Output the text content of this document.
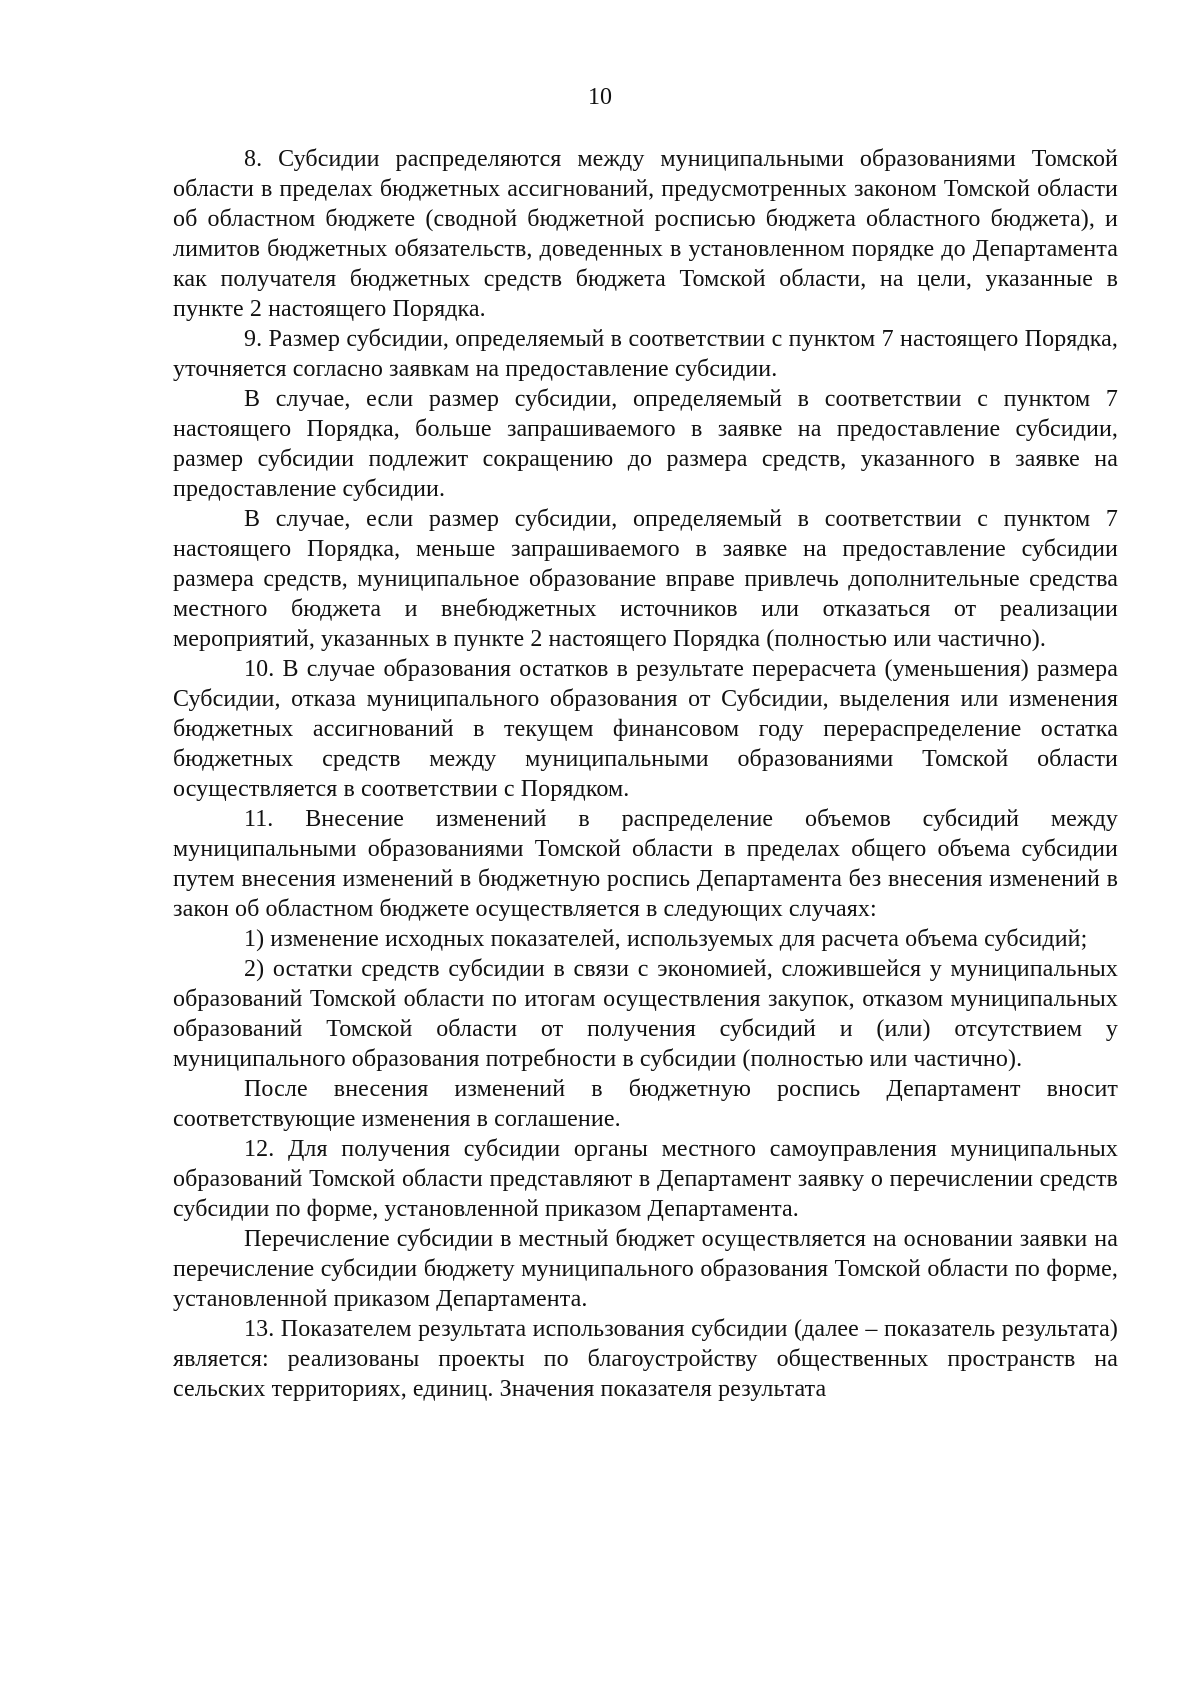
10

8. Субсидии распределяются между муниципальными образованиями Томской области в пределах бюджетных ассигнований, предусмотренных законом Томской области об областном бюджете (сводной бюджетной росписью бюджета областного бюджета), и лимитов бюджетных обязательств, доведенных в установленном порядке до Департамента как получателя бюджетных средств бюджета Томской области, на цели, указанные в пункте 2 настоящего Порядка.

9. Размер субсидии, определяемый в соответствии с пунктом 7 настоящего Порядка, уточняется согласно заявкам на предоставление субсидии.

В случае, если размер субсидии, определяемый в соответствии с пунктом 7 настоящего Порядка, больше запрашиваемого в заявке на предоставление субсидии, размер субсидии подлежит сокращению до размера средств, указанного в заявке на предоставление субсидии.

В случае, если размер субсидии, определяемый в соответствии с пунктом 7 настоящего Порядка, меньше запрашиваемого в заявке на предоставление субсидии размера средств, муниципальное образование вправе привлечь дополнительные средства местного бюджета и внебюджетных источников или отказаться от реализации мероприятий, указанных в пункте 2 настоящего Порядка (полностью или частично).

10. В случае образования остатков в результате перерасчета (уменьшения) размера Субсидии, отказа муниципального образования от Субсидии, выделения или изменения бюджетных ассигнований в текущем финансовом году перераспределение остатка бюджетных средств между муниципальными образованиями Томской области осуществляется в соответствии с Порядком.

11. Внесение изменений в распределение объемов субсидий между муниципальными образованиями Томской области в пределах общего объема субсидии путем внесения изменений в бюджетную роспись Департамента без внесения изменений в закон об областном бюджете осуществляется в следующих случаях:

1) изменение исходных показателей, используемых для расчета объема субсидий;

2) остатки средств субсидии в связи с экономией, сложившейся у муниципальных образований Томской области по итогам осуществления закупок, отказом муниципальных образований Томской области от получения субсидий и (или) отсутствием у муниципального образования потребности в субсидии (полностью или частично).

После внесения изменений в бюджетную роспись Департамент вносит соответствующие изменения в соглашение.

12. Для получения субсидии органы местного самоуправления муниципальных образований Томской области представляют в Департамент заявку о перечислении средств субсидии по форме, установленной приказом Департамента.

Перечисление субсидии в местный бюджет осуществляется на основании заявки на перечисление субсидии бюджету муниципального образования Томской области по форме, установленной приказом Департамента.

13. Показателем результата использования субсидии (далее – показатель результата) является: реализованы проекты по благоустройству общественных пространств на сельских территориях, единиц. Значения показателя результата
